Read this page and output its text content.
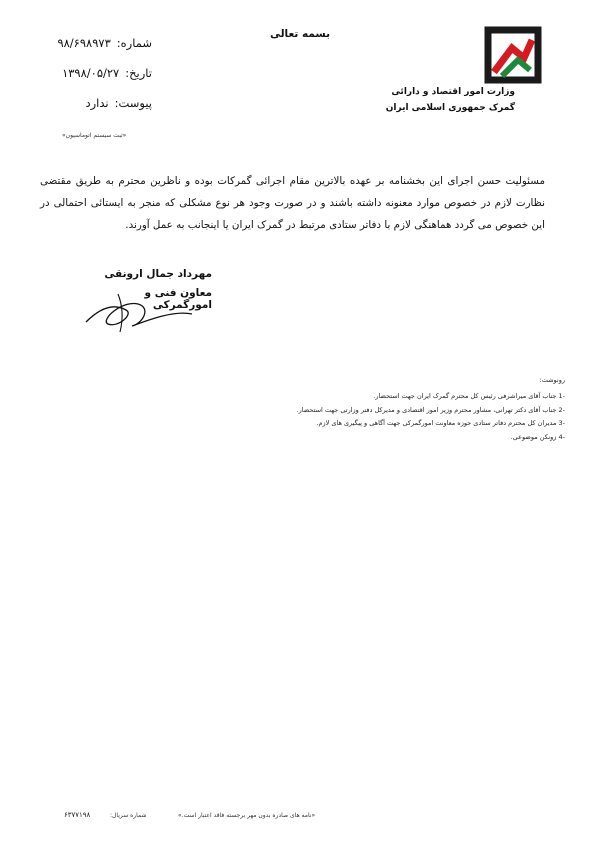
بسمه تعالی
شماره:
۹۸/۶۹۸۹۷۳
تاریخ:
۱۳۹۸/۰۵/۲۷
پیوست:
ندارد
وزارت امور اقتصاد و دارائی
گمرک جمهوری اسلامی ایران
«ثبت سیستم اتوماسیون»
مسئولیت حسن اجرای این بخشنامه بر عهده بالاترین مقام اجرائی گمرکات بوده و ناظرین محترم به طریق مقتضی نظارت لازم در خصوص موارد معنونه داشته باشند و در صورت وجود هر نوع مشکلی که منجر به ایستائی احتمالی در این خصوص می گردد هماهنگی لازم با دفاتر ستادی مرتبط در گمرک ایران یا اینجانب به عمل آورند.
مهرداد جمال ارونقی
معاون فنی و امورگمرکی
رونوشت:
-1 جناب آقای میراشرفی رئیس کل محترم گمرک ایران جهت استحضار.
-2 جناب آقای دکتر تهرانی، مشاور محترم وزیر امور اقتصادی و مدیرکل دفتر وزارتی جهت استحضار.
-3 مدیران کل محترم دفاتر ستادی حوزه معاونت امورگمرکی جهت آگاهی و پیگیری های لازم.
-4 زونکن موضوعی.
«نامه های صادره بدون مهر برجسته فاقد اعتبار است.»
شماره سریال:
۶۳۷۷۱۹۸
